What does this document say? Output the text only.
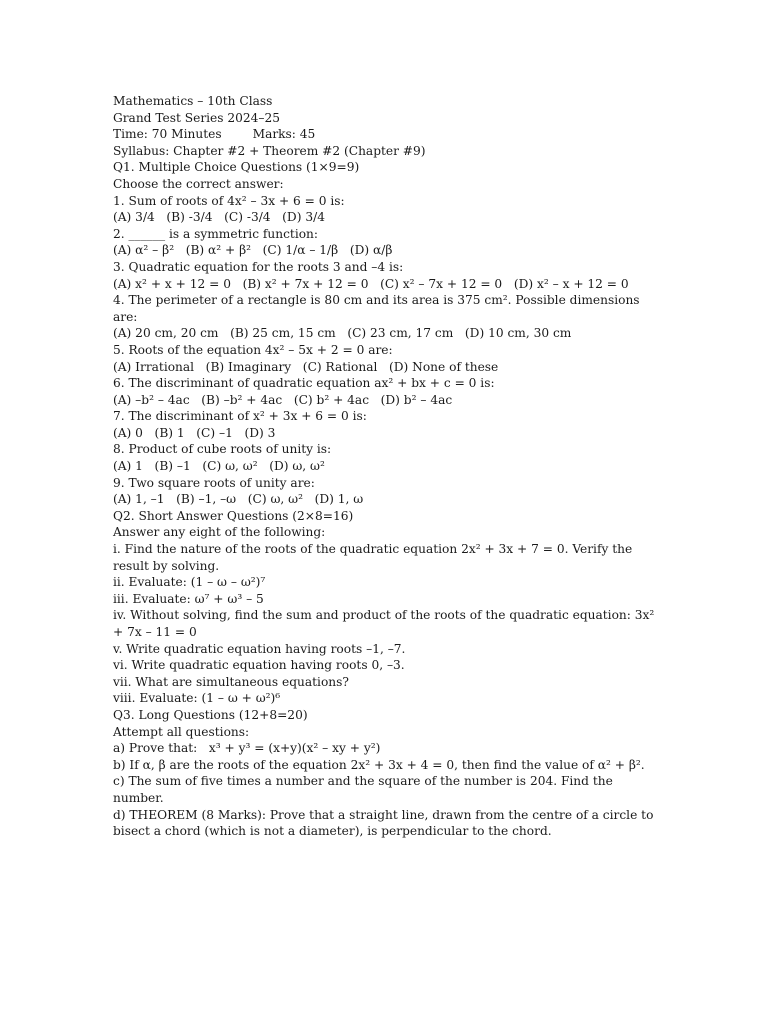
Mathematics – 10th Class

Grand Test Series 2024–25

Time: 70 Minutes        Marks: 45

Syllabus: Chapter #2 + Theorem #2 (Chapter #9)

Q1. Multiple Choice Questions (1×9=9)

Choose the correct answer:

1. Sum of roots of 4x² – 3x + 6 = 0 is:

(A) 3/4   (B) -3/4   (C) -3/4   (D) 3/4

2. ______ is a symmetric function:

(A) α² – β²   (B) α² + β²   (C) 1/α – 1/β   (D) α/β

3. Quadratic equation for the roots 3 and –4 is:

(A) x² + x + 12 = 0   (B) x² + 7x + 12 = 0   (C) x² – 7x + 12 = 0   (D) x² – x + 12 = 0

4. The perimeter of a rectangle is 80 cm and its area is 375 cm². Possible dimensions are:

(A) 20 cm, 20 cm   (B) 25 cm, 15 cm   (C) 23 cm, 17 cm   (D) 10 cm, 30 cm

5. Roots of the equation 4x² – 5x + 2 = 0 are:

(A) Irrational   (B) Imaginary   (C) Rational   (D) None of these

6. The discriminant of quadratic equation ax² + bx + c = 0 is:

(A) –b² – 4ac   (B) –b² + 4ac   (C) b² + 4ac   (D) b² – 4ac

7. The discriminant of x² + 3x + 6 = 0 is:

(A) 0   (B) 1   (C) –1   (D) 3

8. Product of cube roots of unity is:

(A) 1   (B) –1   (C) ω, ω²   (D) ω, ω²

9. Two square roots of unity are:

(A) 1, –1   (B) –1, –ω   (C) ω, ω²   (D) 1, ω

Q2. Short Answer Questions (2×8=16)

Answer any eight of the following:

i. Find the nature of the roots of the quadratic equation 2x² + 3x + 7 = 0. Verify the result by solving.

ii. Evaluate: (1 – ω – ω²)⁷

iii. Evaluate: ω⁷ + ω³ – 5

iv. Without solving, find the sum and product of the roots of the quadratic equation: 3x² + 7x – 11 = 0

v. Write quadratic equation having roots –1, –7.

vi. Write quadratic equation having roots 0, –3.

vii. What are simultaneous equations?

viii. Evaluate: (1 – ω + ω²)⁶

Q3. Long Questions (12+8=20)

Attempt all questions:

a) Prove that:   x³ + y³ = (x+y)(x² – xy + y²)

b) If α, β are the roots of the equation 2x² + 3x + 4 = 0, then find the value of α² + β².

c) The sum of five times a number and the square of the number is 204. Find the number.

d) THEOREM (8 Marks): Prove that a straight line, drawn from the centre of a circle to bisect a chord (which is not a diameter), is perpendicular to the chord.
